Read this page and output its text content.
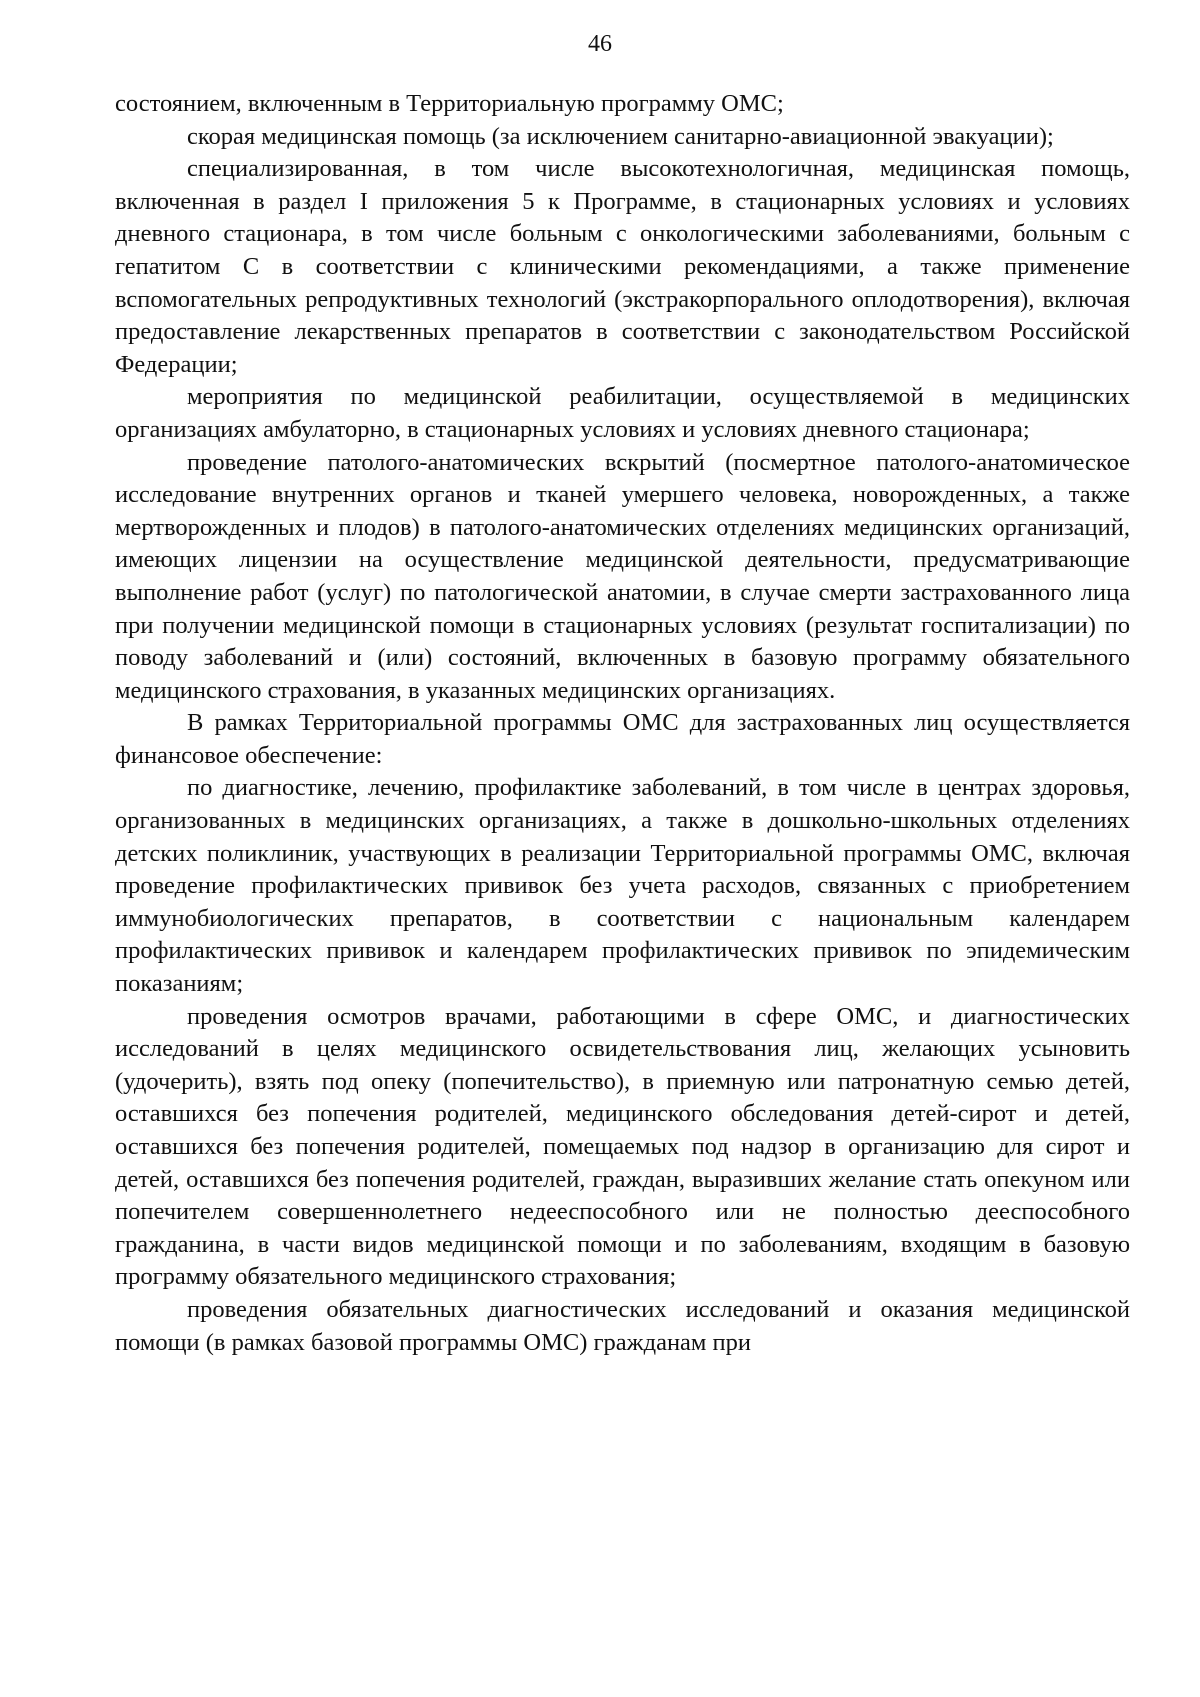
46

состоянием, включенным в Территориальную программу ОМС;

скорая медицинская помощь (за исключением санитарно-авиационной эвакуации);

специализированная, в том числе высокотехнологичная, медицинская помощь, включенная в раздел I приложения 5 к Программе, в стационарных условиях и условиях дневного стационара, в том числе больным с онкологическими заболеваниями, больным с гепатитом С в соответствии с клиническими рекомендациями, а также применение вспомогательных репродуктивных технологий (экстракорпорального оплодотворения), включая предоставление лекарственных препаратов в соответствии с законодательством Российской Федерации;

мероприятия по медицинской реабилитации, осуществляемой в медицинских организациях амбулаторно, в стационарных условиях и условиях дневного стационара;

проведение патолого-анатомических вскрытий (посмертное патолого-анатомическое исследование внутренних органов и тканей умершего человека, новорожденных, а также мертворожденных и плодов) в патолого-анатомических отделениях медицинских организаций, имеющих лицензии на осуществление медицинской деятельности, предусматривающие выполнение работ (услуг) по патологической анатомии, в случае смерти застрахованного лица при получении медицинской помощи в стационарных условиях (результат госпитализации) по поводу заболеваний и (или) состояний, включенных в базовую программу обязательного медицинского страхования, в указанных медицинских организациях.

В рамках Территориальной программы ОМС для застрахованных лиц осуществляется финансовое обеспечение:

по диагностике, лечению, профилактике заболеваний, в том числе в центрах здоровья, организованных в медицинских организациях, а также в дошкольно-школьных отделениях детских поликлиник, участвующих в реализации Территориальной программы ОМС, включая проведение профилактических прививок без учета расходов, связанных с приобретением иммунобиологических препаратов, в соответствии с национальным календарем профилактических прививок и календарем профилактических прививок по эпидемическим показаниям;

проведения осмотров врачами, работающими в сфере ОМС, и диагностических исследований в целях медицинского освидетельствования лиц, желающих усыновить (удочерить), взять под опеку (попечительство), в приемную или патронатную семью детей, оставшихся без попечения родителей, медицинского обследования детей-сирот и детей, оставшихся без попечения родителей, помещаемых под надзор в организацию для сирот и детей, оставшихся без попечения родителей, граждан, выразивших желание стать опекуном или попечителем совершеннолетнего недееспособного или не полностью дееспособного гражданина, в части видов медицинской помощи и по заболеваниям, входящим в базовую программу обязательного медицинского страхования;

проведения обязательных диагностических исследований и оказания медицинской помощи (в рамках базовой программы ОМС) гражданам при
